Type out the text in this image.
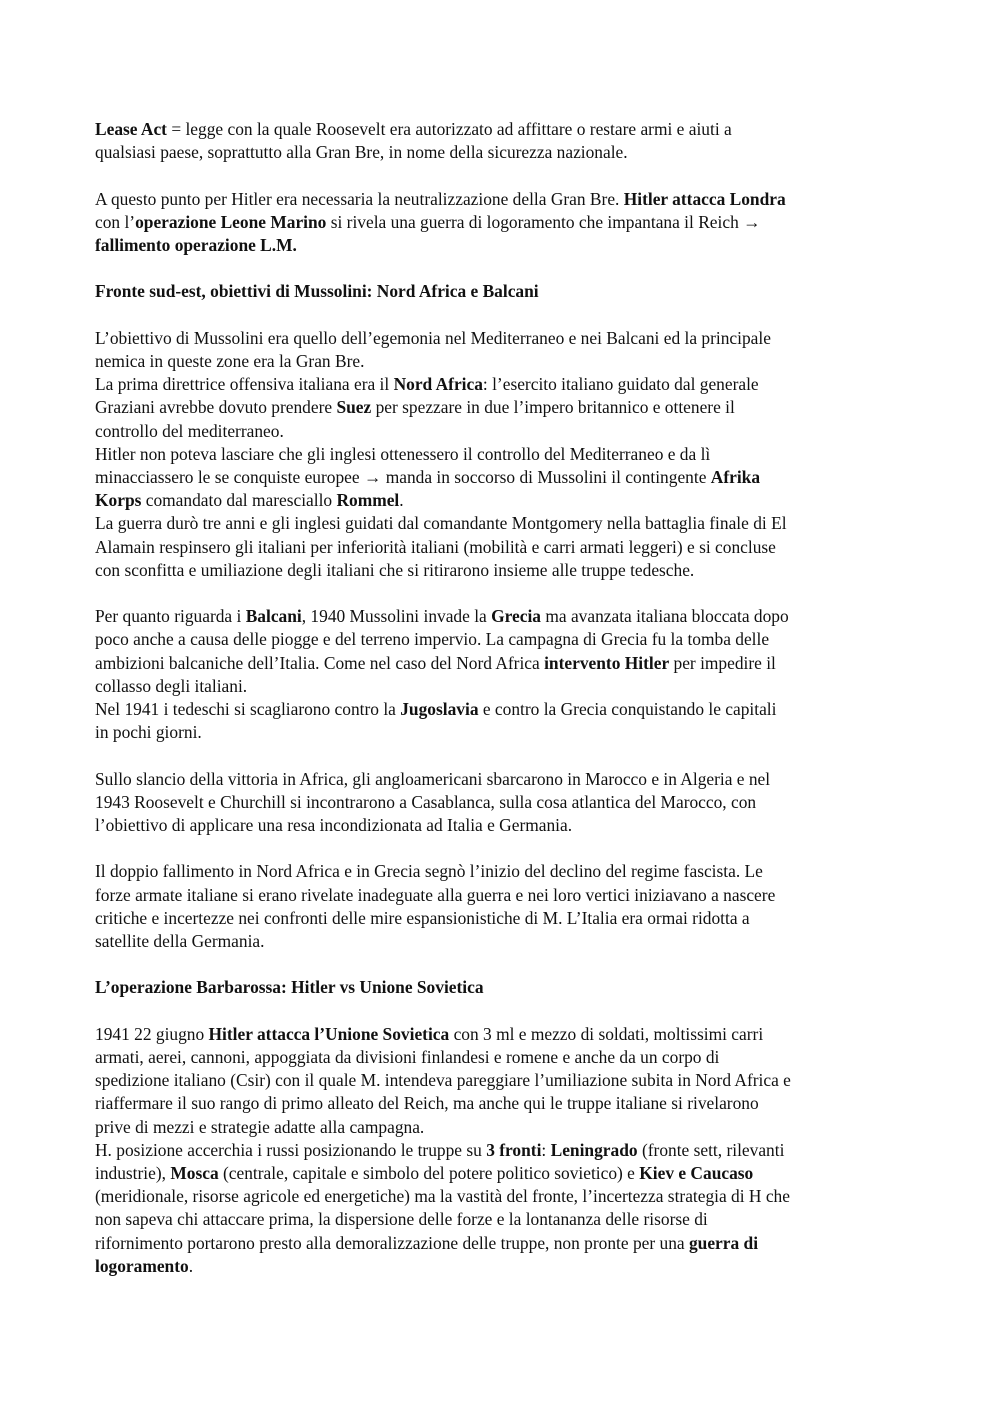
Lease Act = legge con la quale Roosevelt era autorizzato ad affittare o restare armi e aiuti a
qualsiasi paese, soprattutto alla Gran Bre, in nome della sicurezza nazionale.
A questo punto per Hitler era necessaria la neutralizzazione della Gran Bre. Hitler attacca Londra
con l’operazione Leone Marino si rivela una guerra di logoramento che impantana il Reich →
fallimento operazione L.M.
Fronte sud-est, obiettivi di Mussolini: Nord Africa e Balcani
L’obiettivo di Mussolini era quello dell’egemonia nel Mediterraneo e nei Balcani ed la principale
nemica in queste zone era la Gran Bre.
La prima direttrice offensiva italiana era il Nord Africa: l’esercito italiano guidato dal generale
Graziani avrebbe dovuto prendere Suez per spezzare in due l’impero britannico e ottenere il
controllo del mediterraneo.
Hitler non poteva lasciare che gli inglesi ottenessero il controllo del Mediterraneo e da lì
minacciassero le se conquiste europee → manda in soccorso di Mussolini il contingente Afrika
Korps comandato dal maresciallo Rommel.
La guerra durò tre anni e gli inglesi guidati dal comandante Montgomery nella battaglia finale di El
Alamain respinsero gli italiani per inferiorità italiani (mobilità e carri armati leggeri) e si concluse
con sconfitta e umiliazione degli italiani che si ritirarono insieme alle truppe tedesche.
Per quanto riguarda i Balcani, 1940 Mussolini invade la Grecia ma avanzata italiana bloccata dopo
poco anche a causa delle piogge e del terreno impervio. La campagna di Grecia fu la tomba delle
ambizioni balcaniche dell’Italia. Come nel caso del Nord Africa intervento Hitler per impedire il
collasso degli italiani.
Nel 1941 i tedeschi si scagliarono contro la Jugoslavia e contro la Grecia conquistando le capitali
in pochi giorni.
Sullo slancio della vittoria in Africa, gli angloamericani sbarcarono in Marocco e in Algeria e nel
1943 Roosevelt e Churchill si incontrarono a Casablanca, sulla cosa atlantica del Marocco, con
l’obiettivo di applicare una resa incondizionata ad Italia e Germania.
Il doppio fallimento in Nord Africa e in Grecia segnò l’inizio del declino del regime fascista. Le
forze armate italiane si erano rivelate inadeguate alla guerra e nei loro vertici iniziavano a nascere
critiche e incertezze nei confronti delle mire espansionistiche di M. L’Italia era ormai ridotta a
satellite della Germania.
L’operazione Barbarossa: Hitler vs Unione Sovietica
1941 22 giugno Hitler attacca l’Unione Sovietica con 3 ml e mezzo di soldati, moltissimi carri
armati, aerei, cannoni, appoggiata da divisioni finlandesi e romene e anche da un corpo di
spedizione italiano (Csir) con il quale M. intendeva pareggiare l’umiliazione subita in Nord Africa e
riaffermare il suo rango di primo alleato del Reich, ma anche qui le truppe italiane si rivelarono
prive di mezzi e strategie adatte alla campagna.
H. posizione accerchia i russi posizionando le truppe su 3 fronti: Leningrado (fronte sett, rilevanti
industrie), Mosca (centrale, capitale e simbolo del potere politico sovietico) e Kiev e Caucaso
(meridionale, risorse agricole ed energetiche) ma la vastità del fronte, l’incertezza strategia di H che
non sapeva chi attaccare prima, la dispersione delle forze e la lontananza delle risorse di
rifornimento portarono presto alla demoralizzazione delle truppe, non pronte per una guerra di
logoramento.
